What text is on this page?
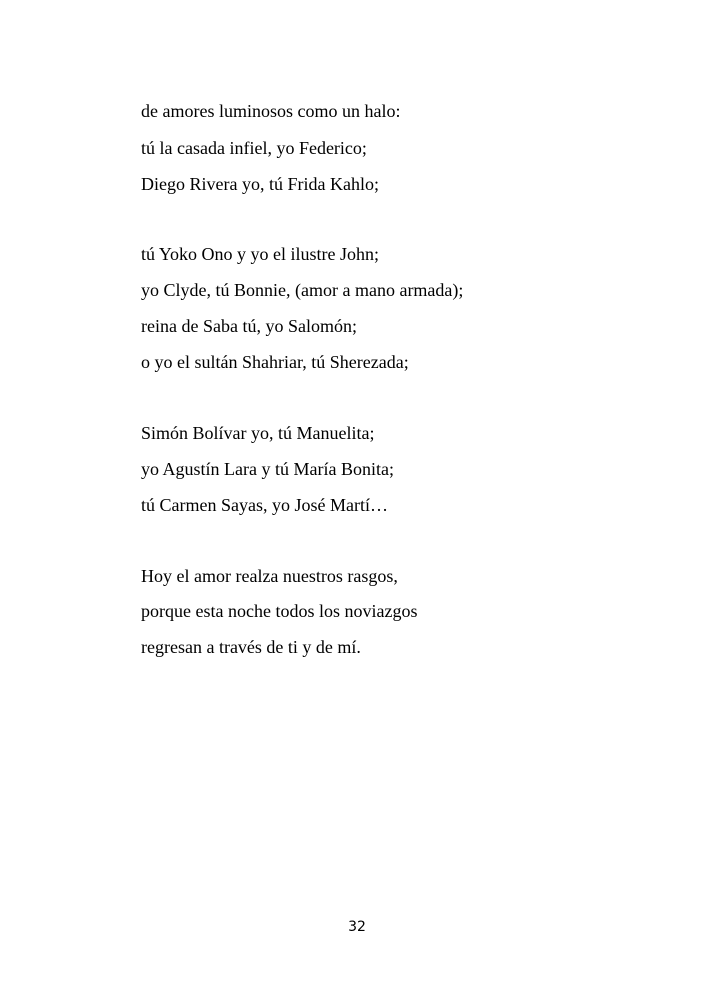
de amores luminosos como un halo:
tú la casada infiel, yo Federico;
Diego Rivera yo, tú Frida Kahlo;
tú Yoko Ono y yo el ilustre John;
yo Clyde, tú Bonnie, (amor a mano armada);
reina de Saba tú, yo Salomón;
o yo el sultán Shahriar, tú Sherezada;
Simón Bolívar yo, tú Manuelita;
yo Agustín Lara y tú María Bonita;
tú Carmen Sayas, yo José Martí…
Hoy el amor realza nuestros rasgos,
porque esta noche todos los noviazgos
regresan a través de ti y de mí.
32
